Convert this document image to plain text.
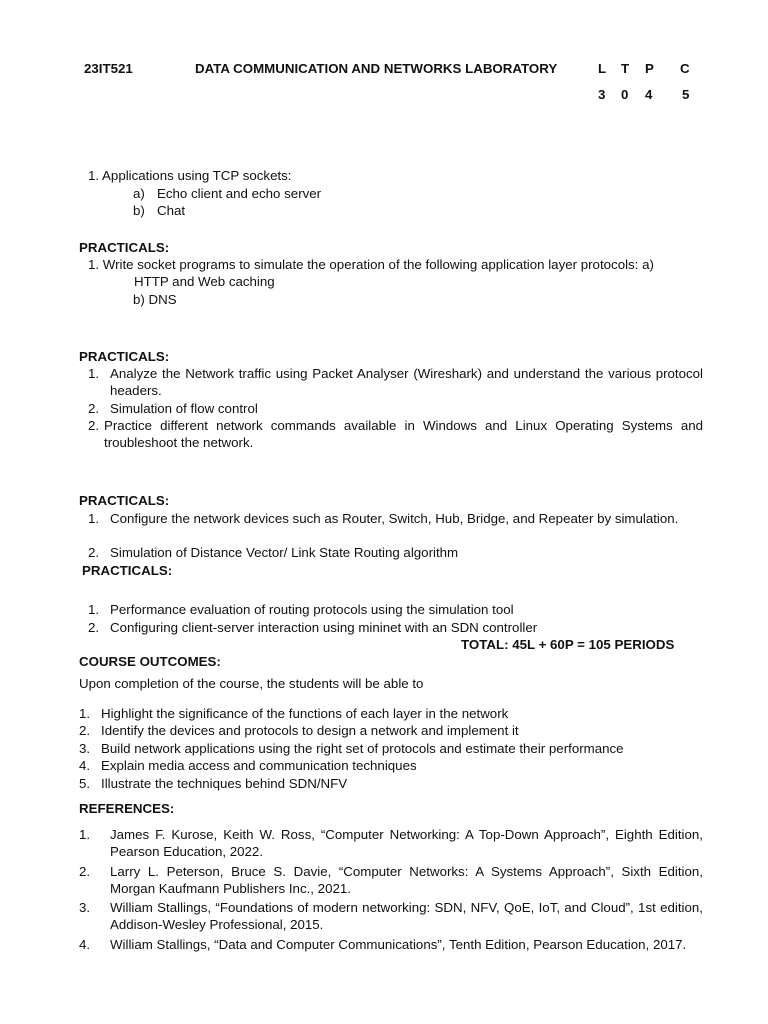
23IT521	DATA COMMUNICATION AND NETWORKS LABORATORY	L T P C
3 0 4 5
1. Applications using TCP sockets:
a) Echo client and echo server
b) Chat
PRACTICALS:
1. Write socket programs to simulate the operation of the following application layer protocols: a)
HTTP and Web caching
b) DNS
PRACTICALS:
1. Analyze the Network traffic using Packet Analyser (Wireshark) and understand the various protocol headers.
2. Simulation of flow control
2. Practice different network commands available in Windows and Linux Operating Systems and troubleshoot the network.
PRACTICALS:
1. Configure the network devices such as Router, Switch, Hub, Bridge, and Repeater by simulation.
2. Simulation of Distance Vector/ Link State Routing algorithm
PRACTICALS:
1. Performance evaluation of routing protocols using the simulation tool
2. Configuring client-server interaction using mininet with an SDN controller
TOTAL: 45L + 60P = 105 PERIODS
COURSE OUTCOMES:
Upon completion of the course, the students will be able to
1. Highlight the significance of the functions of each layer in the network
2. Identify the devices and protocols to design a network and implement it
3. Build network applications using the right set of protocols and estimate their performance
4. Explain media access and communication techniques
5. Illustrate the techniques behind SDN/NFV
REFERENCES:
1. James F. Kurose, Keith W. Ross, “Computer Networking: A Top-Down Approach”, Eighth Edition, Pearson Education, 2022.
2. Larry L. Peterson, Bruce S. Davie, “Computer Networks: A Systems Approach”, Sixth Edition, Morgan Kaufmann Publishers Inc., 2021.
3. William Stallings, “Foundations of modern networking: SDN, NFV, QoE, IoT, and Cloud”, 1st edition, Addison-Wesley Professional, 2015.
4. William Stallings, “Data and Computer Communications”, Tenth Edition, Pearson Education, 2017.
